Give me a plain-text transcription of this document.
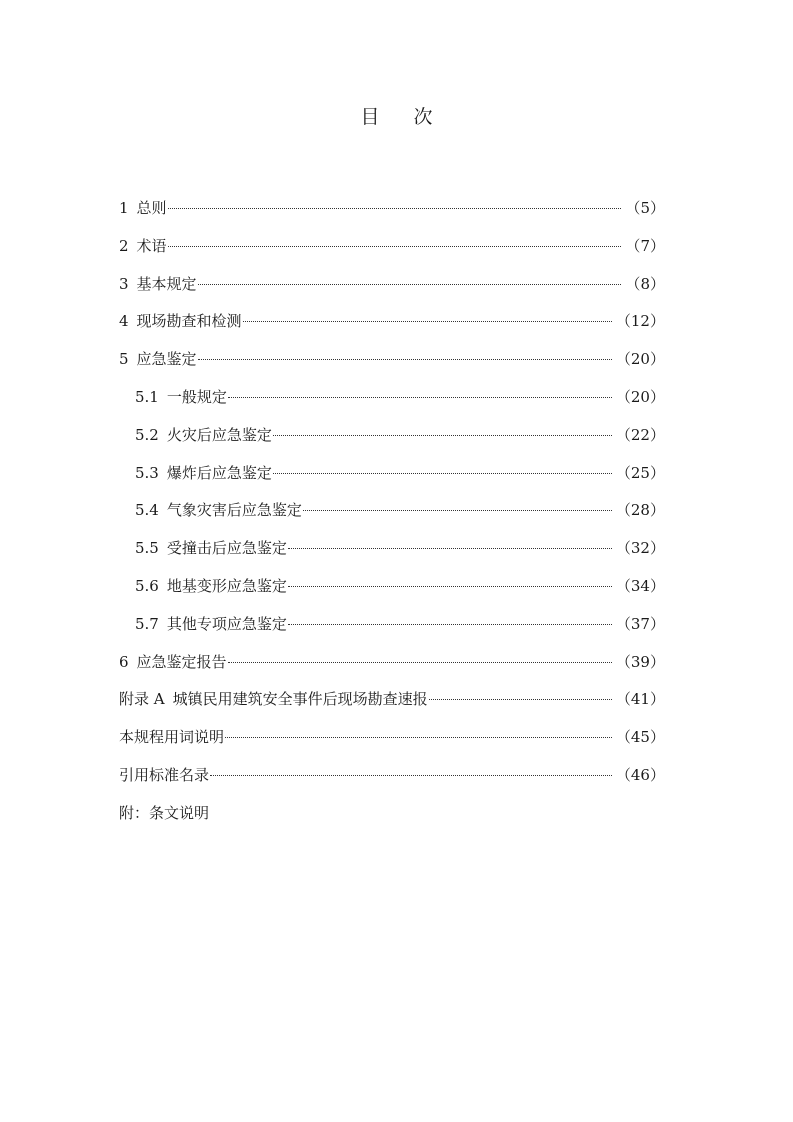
目 次
1 总则	（ 5 ）
2 术语	（ 7 ）
3 基本规定	（ 8 ）
4 现场勘查和检测	（ 12 ）
5 应急鉴定	（ 20 ）
5.1 一般规定	（ 20 ）
5.2 火灾后应急鉴定	（ 22 ）
5.3 爆炸后应急鉴定	（ 25 ）
5.4 气象灾害后应急鉴定	（ 28 ）
5.5 受撞击后应急鉴定	（ 32 ）
5.6 地基变形应急鉴定	（ 34 ）
5.7 其他专项应急鉴定	（ 37 ）
6 应急鉴定报告	（ 39 ）
附录 A 城镇民用建筑安全事件后现场勘查速报	（ 41 ）
本规程用词说明	（ 45 ）
引用标准名录	（ 46 ）
附：条文说明
